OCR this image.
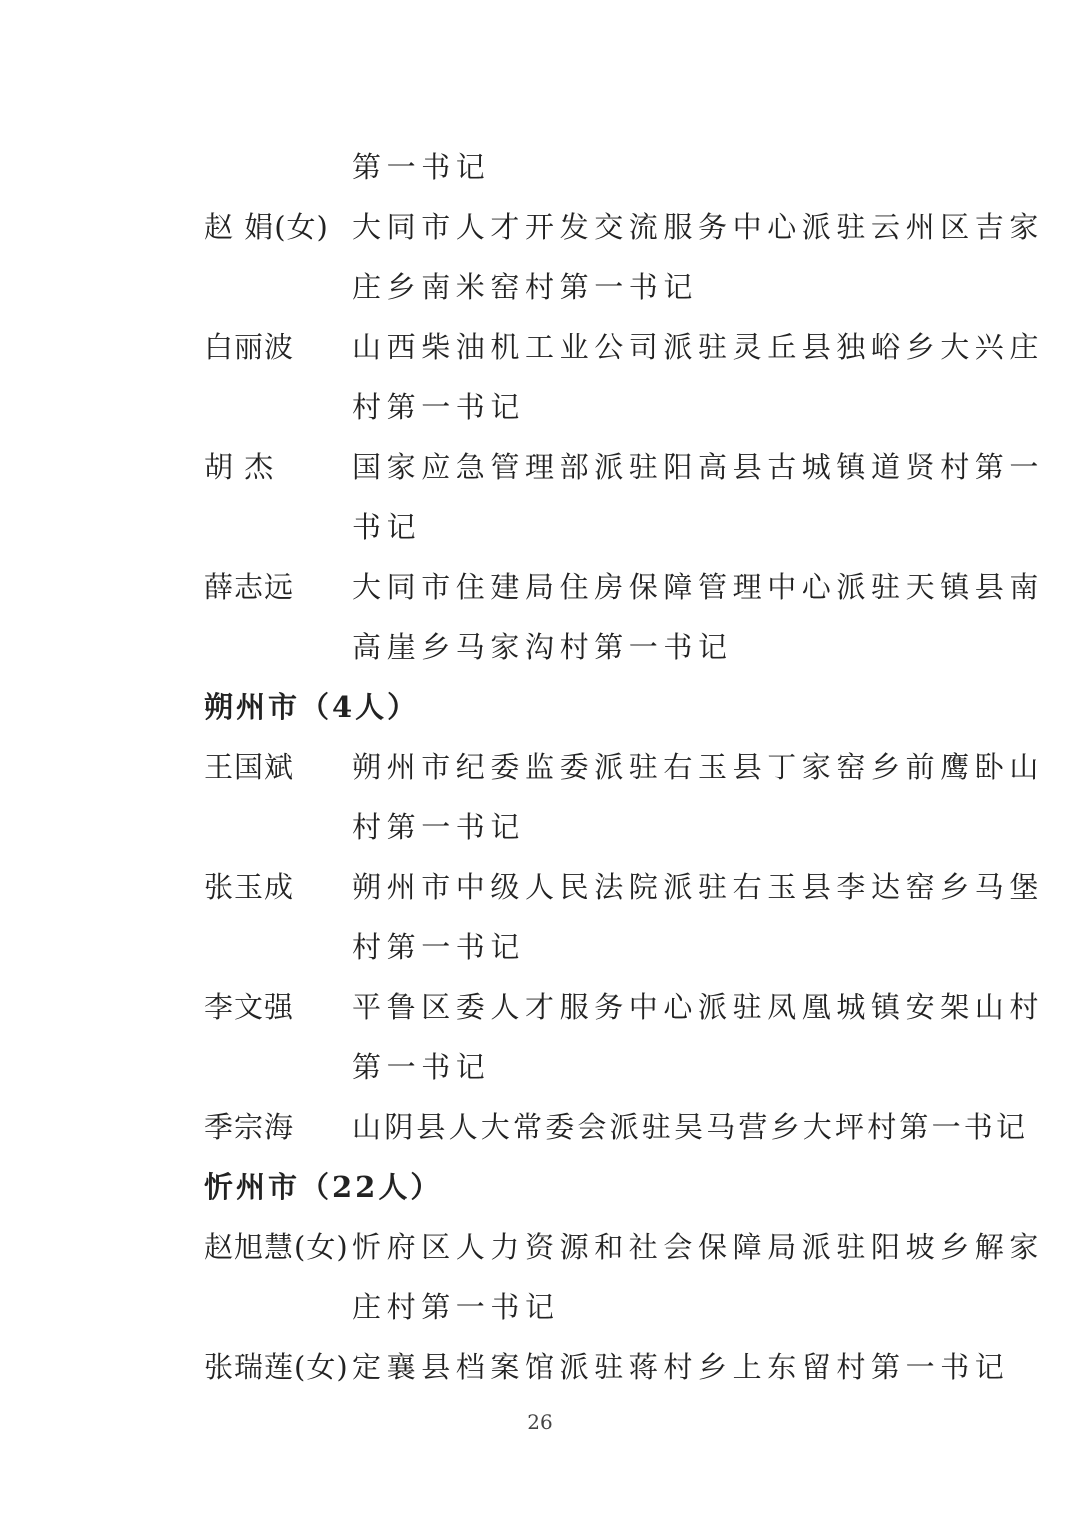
第一书记
赵 娟(女) 大同市人才开发交流服务中心派驻云州区吉家
庄乡南米窑村第一书记
白丽波 山西柴油机工业公司派驻灵丘县独峪乡大兴庄
村第一书记
胡 杰	国家应急管理部派驻阳高县古城镇道贤村第一
书记
薛志远 大同市住建局住房保障管理中心派驻天镇县南
高崖乡马家沟村第一书记
朔州市（4人）
王国斌 朔州市纪委监委派驻右玉县丁家窑乡前鹰卧山
村第一书记
张玉成 朔州市中级人民法院派驻右玉县李达窑乡马堡
村第一书记
李文强 平鲁区委人才服务中心派驻凤凰城镇安架山村
第一书记
季宗海 山阴县人大常委会派驻吴马营乡大坪村第一书记
忻州市（22人）
赵旭慧(女) 忻府区人力资源和社会保障局派驻阳坡乡解家
庄村第一书记
张瑞莲(女) 定襄县档案馆派驻蒋村乡上东留村第一书记
26
